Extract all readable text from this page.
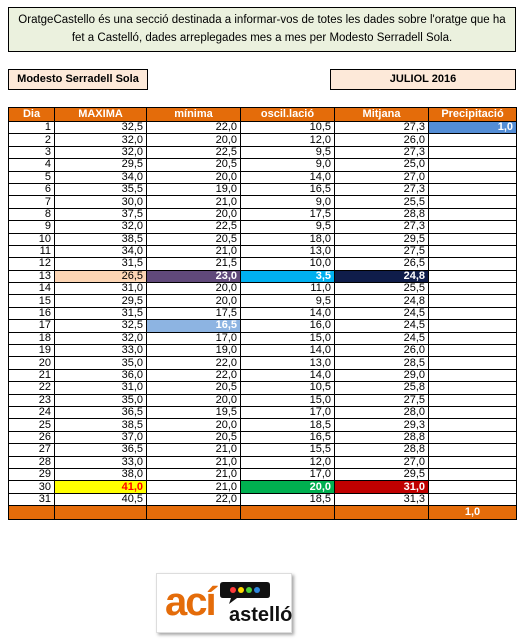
OratgeCastello és una secció destinada a informar-vos de totes les dades sobre l'oratge que ha fet a Castelló, dades arreplegades mes a mes per Modesto Serradell Sola.
Modesto Serradell Sola	JULIOL 2016
Dia	MAXIMA	mínima	oscil.lació	Mitjana	Precipitació
1	32,5	22,0	10,5	27,3	1,0
2	32,0	20,0	12,0	26,0	
3	32,0	22,5	9,5	27,3	
4	29,5	20,5	9,0	25,0	
5	34,0	20,0	14,0	27,0	
6	35,5	19,0	16,5	27,3	
7	30,0	21,0	9,0	25,5	
8	37,5	20,0	17,5	28,8	
9	32,0	22,5	9,5	27,3	
10	38,5	20,5	18,0	29,5	
11	34,0	21,0	13,0	27,5	
12	31,5	21,5	10,0	26,5	
13	26,5	23,0	3,5	24,8	
14	31,0	20,0	11,0	25,5	
15	29,5	20,0	9,5	24,8	
16	31,5	17,5	14,0	24,5	
17	32,5	16,5	16,0	24,5	
18	32,0	17,0	15,0	24,5	
19	33,0	19,0	14,0	26,0	
20	35,0	22,0	13,0	28,5	
21	36,0	22,0	14,0	29,0	
22	31,0	20,5	10,5	25,8	
23	35,0	20,0	15,0	27,5	
24	36,5	19,5	17,0	28,0	
25	38,5	20,0	18,5	29,3	
26	37,0	20,5	16,5	28,8	
27	36,5	21,0	15,5	28,8	
28	33,0	21,0	12,0	27,0	
29	38,0	21,0	17,0	29,5	
30	41,0	21,0	20,0	31,0	
31	40,5	22,0	18,5	31,3	
					1,0
ací astelló
